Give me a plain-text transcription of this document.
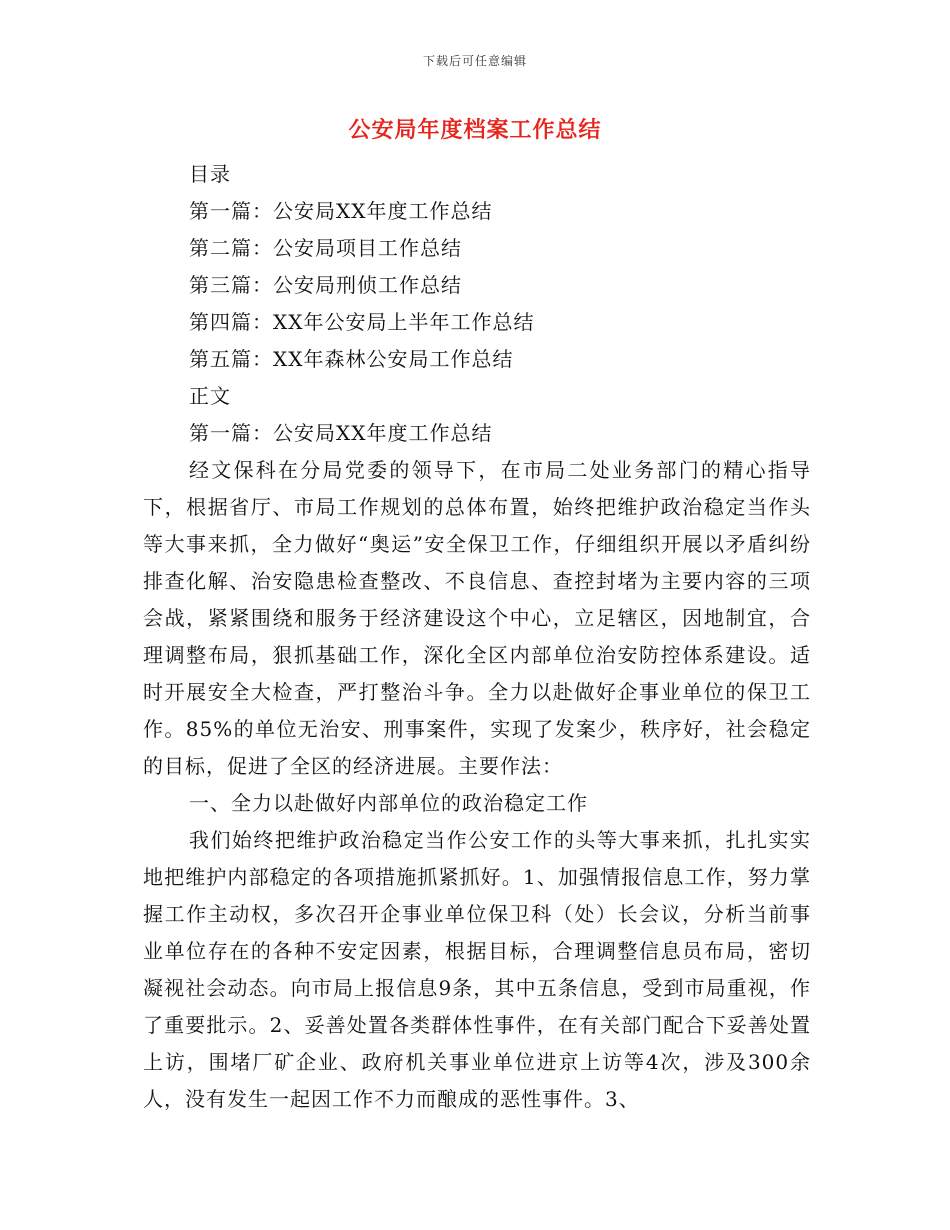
下载后可任意编辑
公安局年度档案工作总结
目录
第一篇：公安局XX年度工作总结
第二篇：公安局项目工作总结
第三篇：公安局刑侦工作总结
第四篇：XX年公安局上半年工作总结
第五篇：XX年森林公安局工作总结
正文
第一篇：公安局XX年度工作总结

经文保科在分局党委的领导下，在市局二处业务部门的精心指导下，根据省厅、市局工作规划的总体布置，始终把维护政治稳定当作头等大事来抓，全力做好“奥运”安全保卫工作，仔细组织开展以矛盾纠纷排查化解、治安隐患检查整改、不良信息、查控封堵为主要内容的三项会战，紧紧围绕和服务于经济建设这个中心，立足辖区，因地制宜，合理调整布局，狠抓基础工作，深化全区内部单位治安防控体系建设。适时开展安全大检查，严打整治斗争。全力以赴做好企事业单位的保卫工作。85%的单位无治安、刑事案件，实现了发案少，秩序好，社会稳定的目标，促进了全区的经济进展。主要作法：

一、全力以赴做好内部单位的政治稳定工作

我们始终把维护政治稳定当作公安工作的头等大事来抓，扎扎实实地把维护内部稳定的各项措施抓紧抓好。1、加强情报信息工作，努力掌握工作主动权，多次召开企事业单位保卫科（处）长会议，分析当前事业单位存在的各种不安定因素，根据目标，合理调整信息员布局，密切凝视社会动态。向市局上报信息9条，其中五条信息，受到市局重视，作了重要批示。2、妥善处置各类群体性事件，在有关部门配合下妥善处置上访，围堵厂矿企业、政府机关事业单位进京上访等4次，涉及300余人，没有发生一起因工作不力而酿成的恶性事件。3、
